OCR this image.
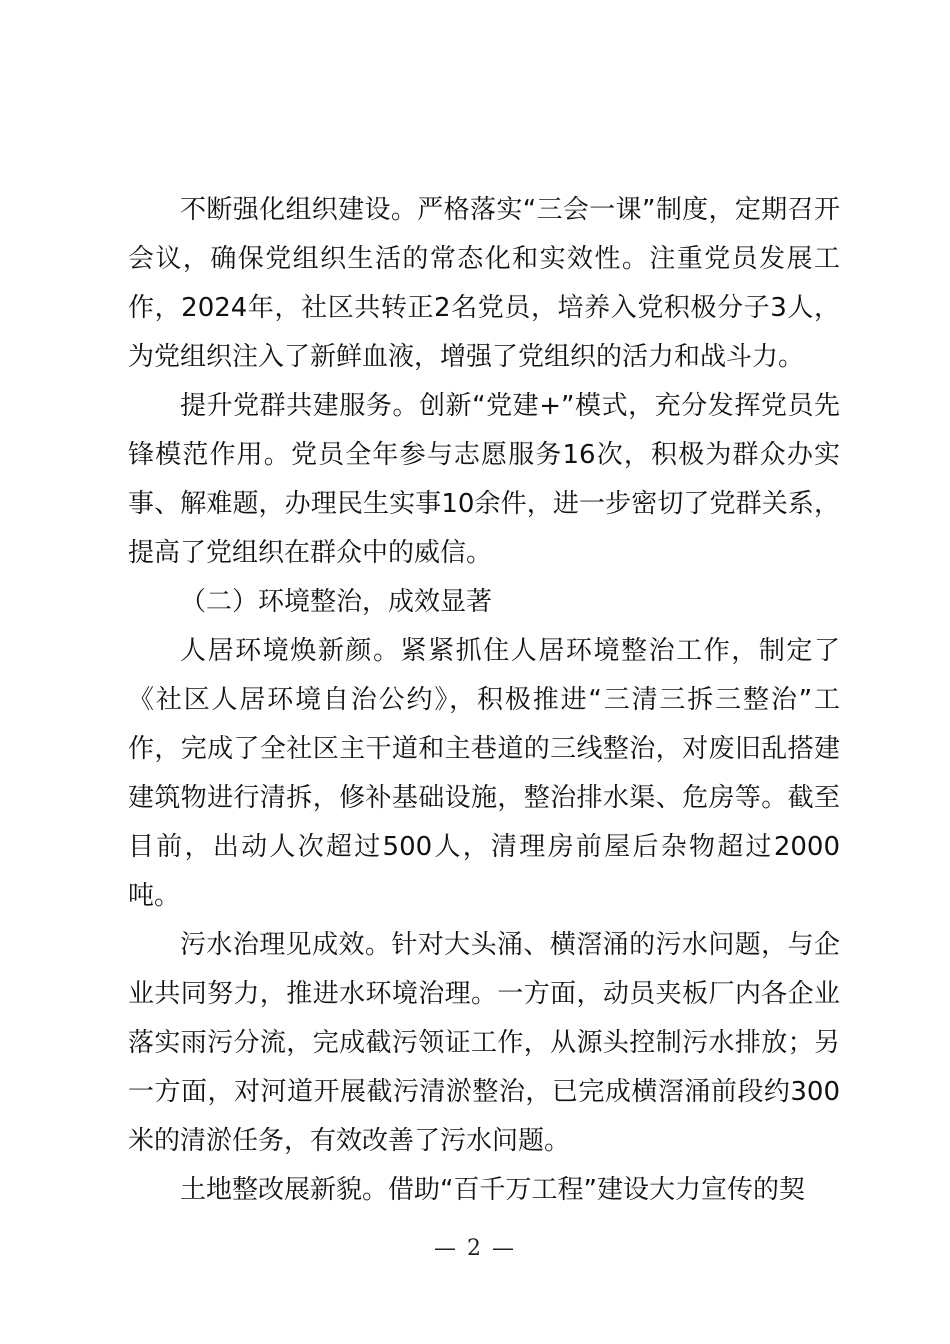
不断强化组织建设。严格落实“三会一课”制度，定期召开会议，确保党组织生活的常态化和实效性。注重党员发展工作，2024年，社区共转正2名党员，培养入党积极分子3人，为党组织注入了新鲜血液，增强了党组织的活力和战斗力。

提升党群共建服务。创新“党建+”模式，充分发挥党员先锋模范作用。党员全年参与志愿服务16次，积极为群众办实事、解难题，办理民生实事10余件，进一步密切了党群关系，提高了党组织在群众中的威信。

（二）环境整治，成效显著

人居环境焕新颜。紧紧抓住人居环境整治工作，制定了《社区人居环境自治公约》，积极推进“三清三拆三整治”工作，完成了全社区主干道和主巷道的三线整治，对废旧乱搭建建筑物进行清拆，修补基础设施，整治排水渠、危房等。截至目前，出动人次超过500人，清理房前屋后杂物超过2000吨。

污水治理见成效。针对大头涌、横滘涌的污水问题，与企业共同努力，推进水环境治理。一方面，动员夹板厂内各企业落实雨污分流，完成截污领证工作，从源头控制污水排放；另一方面，对河道开展截污清淤整治，已完成横滘涌前段约300米的清淤任务，有效改善了污水问题。

土地整改展新貌。借助“百千万工程”建设大力宣传的契

— 2 —
